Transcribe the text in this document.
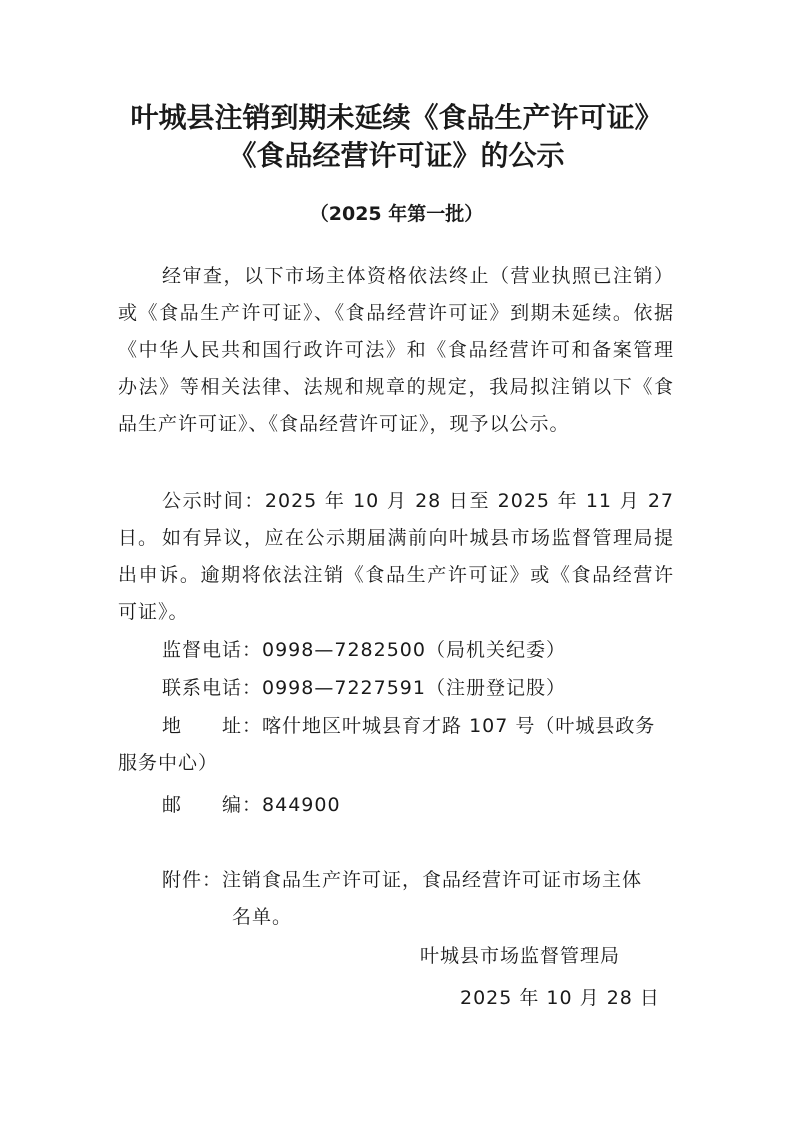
叶城县注销到期未延续《食品生产许可证》
《食品经营许可证》的公示
（2025 年第一批）
经审查，以下市场主体资格依法终止（营业执照已注销）或《食品生产许可证》、《食品经营许可证》到期未延续。依据《中华人民共和国行政许可法》和《食品经营许可和备案管理办法》等相关法律、法规和规章的规定，我局拟注销以下《食品生产许可证》、《食品经营许可证》，现予以公示。
公示时间：2025 年 10 月 28 日至 2025 年 11 月 27 日。 如有异议，应在公示期届满前向叶城县市场监督管理局提出申诉。逾期将依法注销《食品生产许可证》或《食品经营许可证》。
监督电话：0998—7282500（局机关纪委）
联系电话：0998—7227591（注册登记股）
地 址：喀什地区叶城县育才路 107 号（叶城县政务服务中心）
邮 编：844900
附件：注销食品生产许可证，食品经营许可证市场主体
名单。
叶城县市场监督管理局
2025 年 10 月 28 日
